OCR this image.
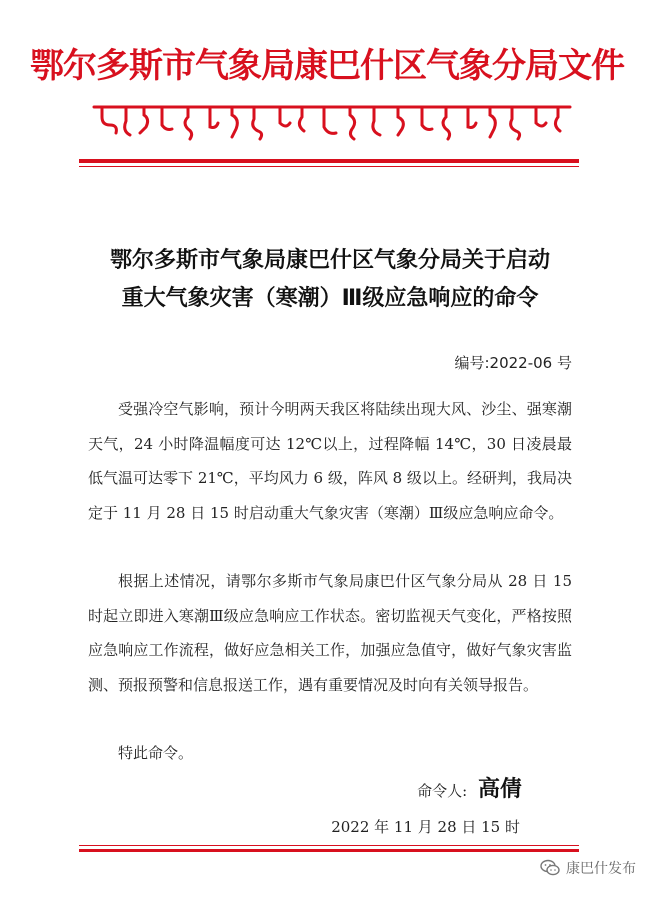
鄂尔多斯市气象局康巴什区气象分局文件
鄂尔多斯市气象局康巴什区气象分局关于启动
重大气象灾害（寒潮）Ⅲ级应急响应的命令
编号:2022-06 号

受强冷空气影响，预计今明两天我区将陆续出现大风、沙尘、强寒潮天气，24 小时降温幅度可达 12℃以上，过程降幅 14℃，30 日凌晨最低气温可达零下 21℃，平均风力 6 级，阵风 8 级以上。经研判，我局决定于 11 月 28 日 15 时启动重大气象灾害（寒潮）Ⅲ级应急响应命令。

根据上述情况，请鄂尔多斯市气象局康巴什区气象分局从 28 日 15 时起立即进入寒潮Ⅲ级应急响应工作状态。密切监视天气变化，严格按照应急响应工作流程，做好应急相关工作，加强应急值守，做好气象灾害监测、预报预警和信息报送工作，遇有重要情况及时向有关领导报告。

特此命令。

命令人: 高倩
2022 年 11 月 28 日 15 时
康巴什发布
